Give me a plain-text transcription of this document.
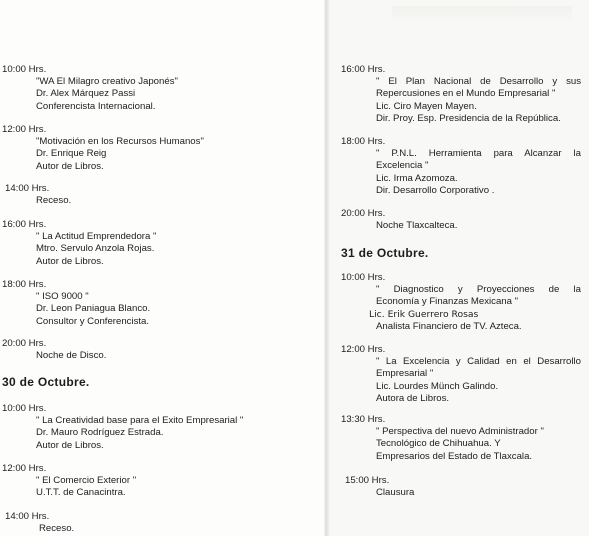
10:00 Hrs.
"WA El Milagro creativo Japonés"
Dr. Alex Márquez Passi
Conferencista Internacional.
12:00 Hrs.
"Motivación en los Recursos Humanos"
Dr. Enrique Reig
Autor de Libros.
14:00 Hrs.
Receso.
16:00 Hrs.
" La Actitud Emprendedora "
Mtro. Servulo Anzola Rojas.
Autor de Libros.
18:00 Hrs.
" ISO 9000 "
Dr. Leon Paniagua Blanco.
Consultor y Conferencista.
20:00 Hrs.
Noche de Disco.
30 de Octubre.
10:00 Hrs.
" La Creatividad base para el Exito Empresarial "
Dr. Mauro Rodríguez Estrada.
Autor de Libros.
12:00 Hrs.
" El Comercio Exterior "
U.T.T. de Canacintra.
14:00 Hrs.
Receso.
16:00 Hrs.
" El Plan Nacional de Desarrollo y sus
Repercusiones en el Mundo Empresarial "
Lic. Ciro Mayen Mayen.
Dir. Proy. Esp. Presidencia de la República.
18:00 Hrs.
" P.N.L. Herramienta para Alcanzar la
Excelencia "
Lic. Irma Azomoza.
Dir. Desarrollo Corporativo .
20:00 Hrs.
Noche Tlaxcalteca.
31 de Octubre.
10:00 Hrs.
" Diagnostico y Proyecciones de la
Economía y Finanzas Mexicana "
Lic. Erik Guerrero Rosas
Analista Financiero de TV. Azteca.
12:00 Hrs.
" La Excelencia y Calidad en el Desarrollo
Empresarial "
Lic. Lourdes Münch Galindo.
Autora de Libros.
13:30 Hrs.
" Perspectiva del nuevo Administrador "
Tecnológico de Chihuahua. Y
Empresarios del Estado de Tlaxcala.
15:00 Hrs.
Clausura
